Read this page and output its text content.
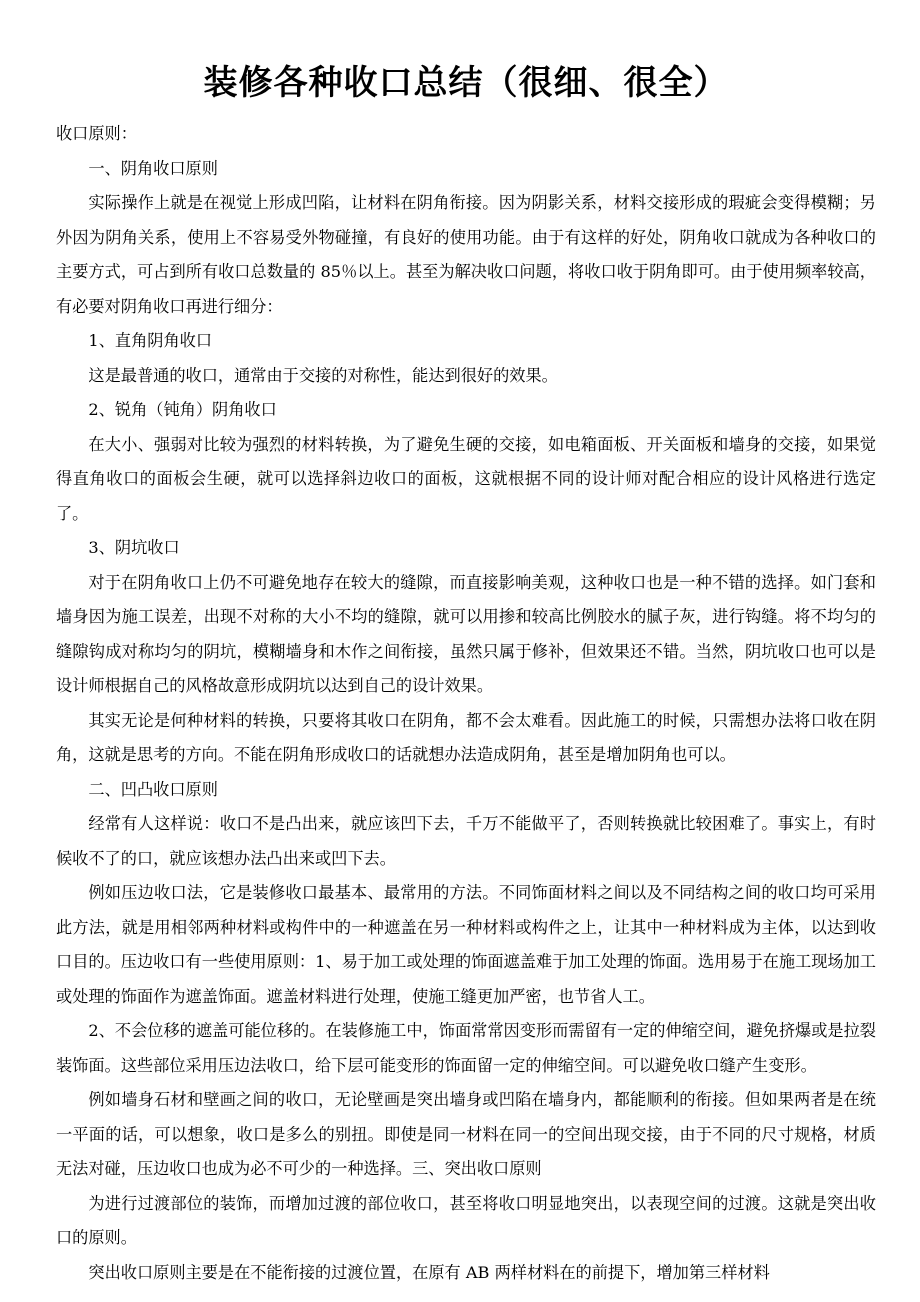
装修各种收口总结（很细、很全）

收口原则：

一、阴角收口原则

实际操作上就是在视觉上形成凹陷，让材料在阴角衔接。因为阴影关系，材料交接形成的瑕疵会变得模糊；另外因为阴角关系，使用上不容易受外物碰撞，有良好的使用功能。由于有这样的好处，阴角收口就成为各种收口的主要方式，可占到所有收口总数量的 85％以上。甚至为解决收口问题，将收口收于阴角即可。由于使用频率较高，有必要对阴角收口再进行细分：

1、直角阴角收口

这是最普通的收口，通常由于交接的对称性，能达到很好的效果。

2、锐角（钝角）阴角收口

在大小、强弱对比较为强烈的材料转换，为了避免生硬的交接，如电箱面板、开关面板和墙身的交接，如果觉得直角收口的面板会生硬，就可以选择斜边收口的面板，这就根据不同的设计师对配合相应的设计风格进行选定了。

3、阴坑收口

对于在阴角收口上仍不可避免地存在较大的缝隙，而直接影响美观，这种收口也是一种不错的选择。如门套和墙身因为施工误差，出现不对称的大小不均的缝隙，就可以用掺和较高比例胶水的腻子灰，进行钩缝。将不均匀的缝隙钩成对称均匀的阴坑，模糊墙身和木作之间衔接，虽然只属于修补，但效果还不错。当然，阴坑收口也可以是设计师根据自己的风格故意形成阴坑以达到自己的设计效果。

其实无论是何种材料的转换，只要将其收口在阴角，都不会太难看。因此施工的时候，只需想办法将口收在阴角，这就是思考的方向。不能在阴角形成收口的话就想办法造成阴角，甚至是增加阴角也可以。

二、凹凸收口原则

经常有人这样说：收口不是凸出来，就应该凹下去，千万不能做平了，否则转换就比较困难了。事实上，有时候收不了的口，就应该想办法凸出来或凹下去。

例如压边收口法，它是装修收口最基本、最常用的方法。不同饰面材料之间以及不同结构之间的收口均可采用此方法，就是用相邻两种材料或构件中的一种遮盖在另一种材料或构件之上，让其中一种材料成为主体，以达到收口目的。压边收口有一些使用原则：1、易于加工或处理的饰面遮盖难于加工处理的饰面。选用易于在施工现场加工或处理的饰面作为遮盖饰面。遮盖材料进行处理，使施工缝更加严密，也节省人工。

2、不会位移的遮盖可能位移的。在装修施工中，饰面常常因变形而需留有一定的伸缩空间，避免挤爆或是拉裂装饰面。这些部位采用压边法收口，给下层可能变形的饰面留一定的伸缩空间。可以避免收口缝产生变形。

例如墙身石材和壁画之间的收口，无论壁画是突出墙身或凹陷在墙身内，都能顺利的衔接。但如果两者是在统一平面的话，可以想象，收口是多么的别扭。即使是同一材料在同一的空间出现交接，由于不同的尺寸规格，材质无法对碰，压边收口也成为必不可少的一种选择。三、突出收口原则

为进行过渡部位的装饰，而增加过渡的部位收口，甚至将收口明显地突出，以表现空间的过渡。这就是突出收口的原则。

突出收口原则主要是在不能衔接的过渡位置，在原有 AB 两样材料在的前提下，增加第三样材料
